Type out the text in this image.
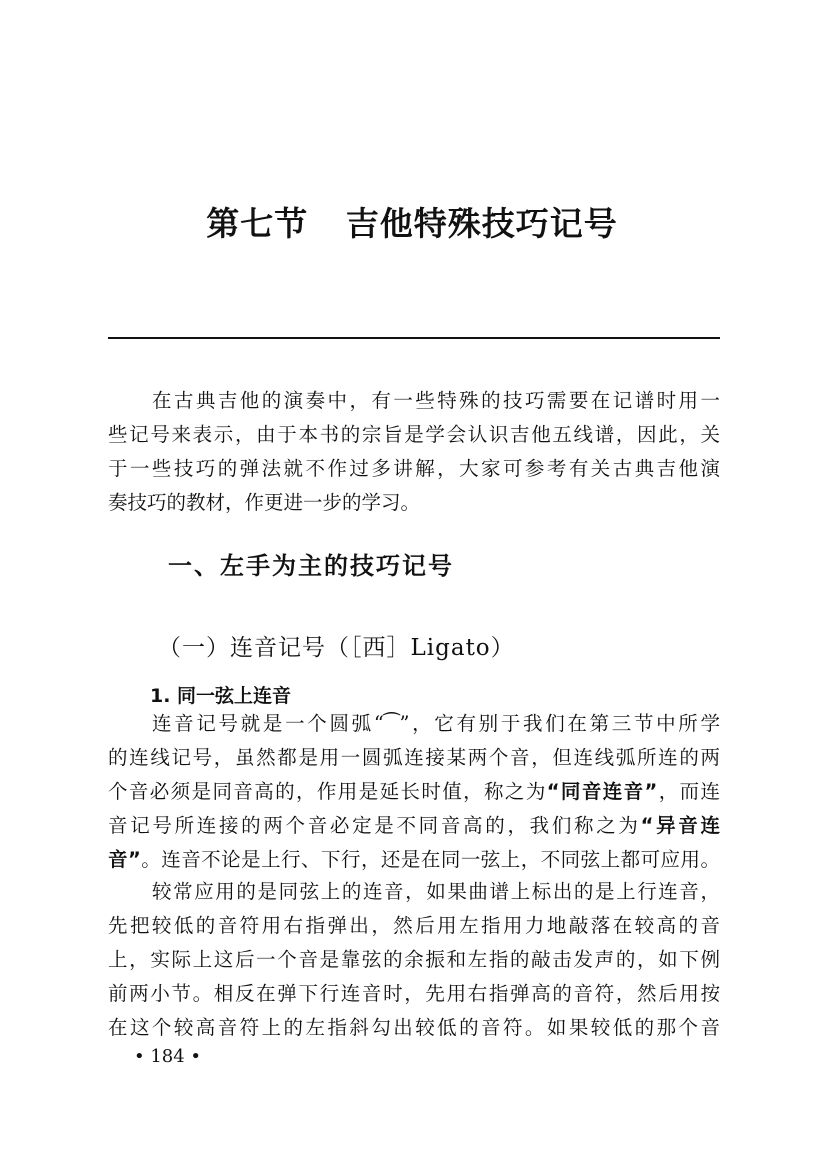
第七节   吉他特殊技巧记号
在古典吉他的演奏中，有一些特殊的技巧需要在记谱时用一
些记号来表示，由于本书的宗旨是学会认识吉他五线谱，因此，关
于一些技巧的弹法就不作过多讲解，大家可参考有关古典吉他演
奏技巧的教材，作更进一步的学习。
一、左手为主的技巧记号
（一）连音记号（［西］Ligato）
1. 同一弦上连音
连音记号就是一个圆弧“⁀”，它有别于我们在第三节中所学
的连线记号，虽然都是用一圆弧连接某两个音，但连线弧所连的两
个音必须是同音高的，作用是延长时值，称之为“同音连音”，而连
音记号所连接的两个音必定是不同音高的，我们称之为“异音连
音”。连音不论是上行、下行，还是在同一弦上，不同弦上都可应用。
较常应用的是同弦上的连音，如果曲谱上标出的是上行连音，
先把较低的音符用右指弹出，然后用左指用力地敲落在较高的音
上，实际上这后一个音是靠弦的余振和左指的敲击发声的，如下例
前两小节。相反在弹下行连音时，先用右指弹高的音符，然后用按
在这个较高音符上的左指斜勾出较低的音符。如果较低的那个音
• 184 •
